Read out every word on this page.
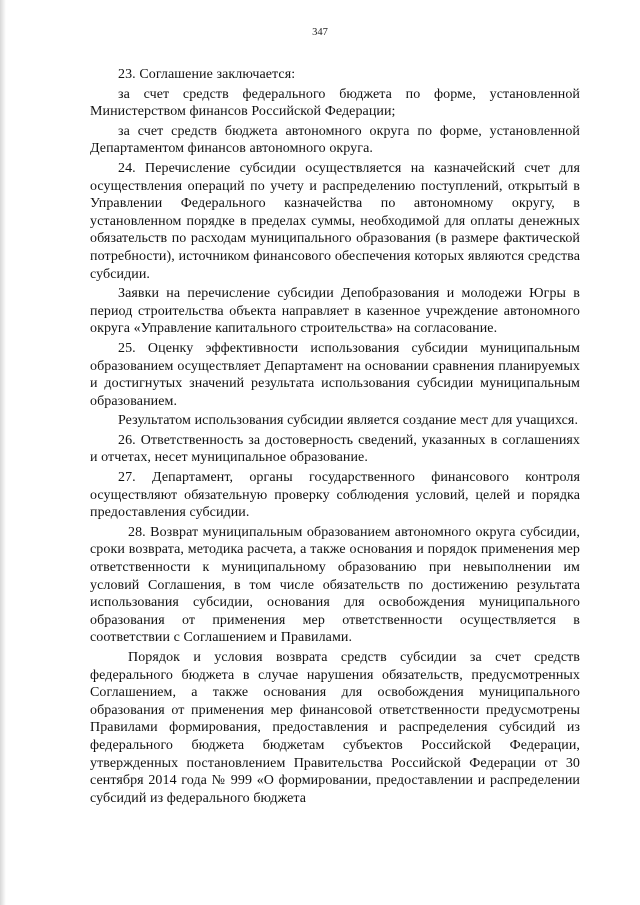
347

23. Соглашение заключается:

за счет средств федерального бюджета по форме, установленной Министерством финансов Российской Федерации;

за счет средств бюджета автономного округа по форме, установленной Департаментом финансов автономного округа.

24. Перечисление субсидии осуществляется на казначейский счет для осуществления операций по учету и распределению поступлений, открытый в Управлении Федерального казначейства по автономному округу, в установленном порядке в пределах суммы, необходимой для оплаты денежных обязательств по расходам муниципального образования (в размере фактической потребности), источником финансового обеспечения которых являются средства субсидии.

Заявки на перечисление субсидии Депобразования и молодежи Югры в период строительства объекта направляет в казенное учреждение автономного округа «Управление капитального строительства» на согласование.

25. Оценку эффективности использования субсидии муниципальным образованием осуществляет Департамент на основании сравнения планируемых и достигнутых значений результата использования субсидии муниципальным образованием.

Результатом использования субсидии является создание мест для учащихся.

26. Ответственность за достоверность сведений, указанных в соглашениях и отчетах, несет муниципальное образование.

27. Департамент, органы государственного финансового контроля осуществляют обязательную проверку соблюдения условий, целей и порядка предоставления субсидии.

28. Возврат муниципальным образованием автономного округа субсидии, сроки возврата, методика расчета, а также основания и порядок применения мер ответственности к муниципальному образованию при невыполнении им условий Соглашения, в том числе обязательств по достижению результата использования субсидии, основания для освобождения муниципального образования от применения мер ответственности осуществляется в соответствии с Соглашением и Правилами.

Порядок и условия возврата средств субсидии за счет средств федерального бюджета в случае нарушения обязательств, предусмотренных Соглашением, а также основания для освобождения муниципального образования от применения мер финансовой ответственности предусмотрены Правилами формирования, предоставления и распределения субсидий из федерального бюджета бюджетам субъектов Российской Федерации, утвержденных постановлением Правительства Российской Федерации от 30 сентября 2014 года № 999 «О формировании, предоставлении и распределении субсидий из федерального бюджета
